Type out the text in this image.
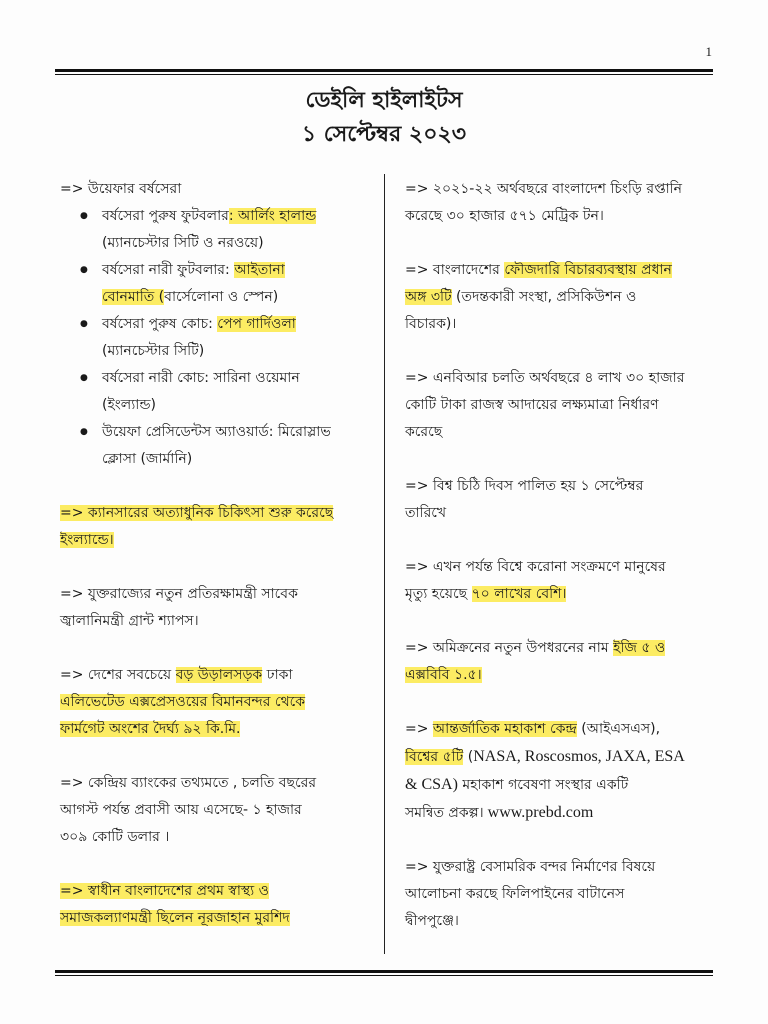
1
ডেইলি হাইলাইটস
১ সেপ্টেম্বর ২০২৩
=> উয়েফার বর্ষসেরা
● বর্ষসেরা পুরুষ ফুটবলার: আর্লিং হালান্ড
(ম্যানচেস্টার সিটি ও নরওয়ে)
● বর্ষসেরা নারী ফুটবলার: আইতানা
বোনমাতি (বার্সেলোনা ও স্পেন)
● বর্ষসেরা পুরুষ কোচ: পেপ গার্দিওলা
(ম্যানচেস্টার সিটি)
● বর্ষসেরা নারী কোচ: সারিনা ওয়েমান
(ইংল্যান্ড)
● উয়েফা প্রেসিডেন্টস অ্যাওয়ার্ড: মিরোস্লাভ
ক্লোসা (জার্মানি)
=> ক্যানসারের অত্যাধুনিক চিকিৎসা শুরু করেছে
ইংল্যান্ডে।
=> যুক্তরাজ্যের নতুন প্রতিরক্ষামন্ত্রী সাবেক
জ্বালানিমন্ত্রী গ্রান্ট শ্যাপস।
=> দেশের সবচেয়ে বড় উড়ালসড়ক ঢাকা
এলিভেটেড এক্সপ্রেসওয়ের বিমানবন্দর থেকে
ফার্মগেট অংশের দৈর্ঘ্য ৯২ কি.মি.
=> কেন্দ্রিয় ব্যাংকের তথ্যমতে , চলতি বছরের
আগস্ট পর্যন্ত প্রবাসী আয় এসেছে- ১ হাজার
৩০৯ কোটি ডলার ।
=> স্বাধীন বাংলাদেশের প্রথম স্বাস্থ্য ও
সমাজকল্যাণমন্ত্রী ছিলেন নূরজাহান মুরশিদ
=> ২০২১-২২ অর্থবছরে বাংলাদেশ চিংড়ি রপ্তানি
করেছে ৩০ হাজার ৫৭১ মেট্রিক টন।
=> বাংলাদেশের ফৌজদারি বিচারব্যবস্থায় প্রধান
অঙ্গ ৩টি (তদন্তকারী সংস্থা, প্রসিকিউশন ও
বিচারক)।
=> এনবিআর চলতি অর্থবছরে ৪ লাখ ৩০ হাজার
কোটি টাকা রাজস্ব আদায়ের লক্ষ্যমাত্রা নির্ধারণ
করেছে
=> বিশ্ব চিঠি দিবস পালিত হয় ১ সেপ্টেম্বর
তারিখে
=> এখন পর্যন্ত বিশ্বে করোনা সংক্রমণে মানুষের
মৃত্যু হয়েছে ৭০ লাখের বেশি।
=> অমিক্রনের নতুন উপধরনের নাম ইজি ৫ ও
এক্সবিবি ১.৫।
=> আন্তর্জাতিক মহাকাশ কেন্দ্র (আইএসএস),
বিশ্বের ৫টি (NASA, Roscosmos, JAXA, ESA
& CSA) মহাকাশ গবেষণা সংস্থার একটি
সমন্বিত প্রকল্প। www.prebd.com
=> যুক্তরাষ্ট্র বেসামরিক বন্দর নির্মাণের বিষয়ে
আলোচনা করছে ফিলিপাইনের বাটানেস
দ্বীপপুঞ্জে।
